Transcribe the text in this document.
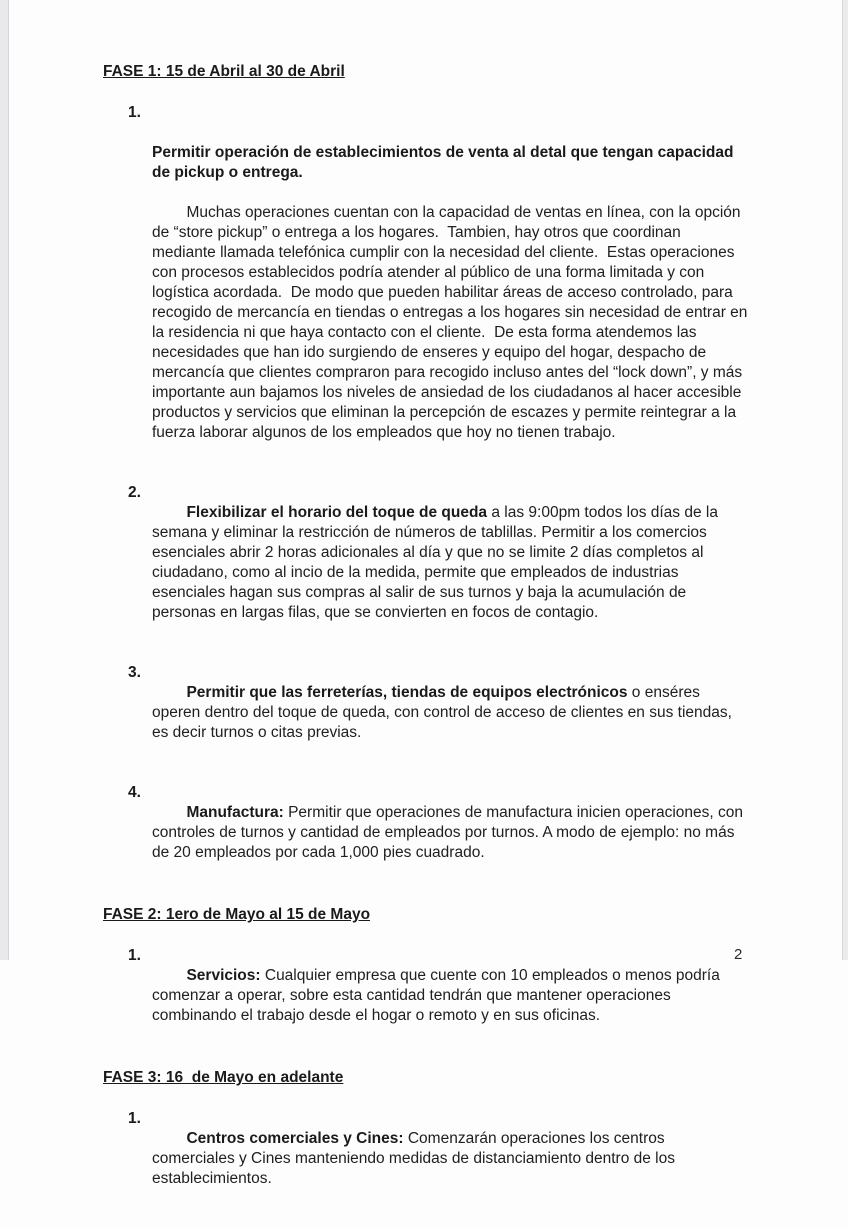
FASE 1: 15 de Abril al 30 de Abril
1.

Permitir operación de establecimientos de venta al detal que tengan capacidad de pickup o entrega.

Muchas operaciones cuentan con la capacidad de ventas en línea, con la opción de “store pickup” o entrega a los hogares.  Tambien, hay otros que coordinan mediante llamada telefónica cumplir con la necesidad del cliente.  Estas operaciones con procesos establecidos podría atender al público de una forma limitada y con logística acordada.  De modo que pueden habilitar áreas de acceso controlado, para recogido de mercancía en tiendas o entregas a los hogares sin necesidad de entrar en la residencia ni que haya contacto con el cliente.  De esta forma atendemos las necesidades que han ido surgiendo de enseres y equipo del hogar, despacho de mercancía que clientes compraron para recogido incluso antes del “lock down”, y más importante aun bajamos los niveles de ansiedad de los ciudadanos al hacer accesible productos y servicios que eliminan la percepción de escazes y permite reintegrar a la fuerza laborar algunos de los empleados que hoy no tienen trabajo.

2.

Flexibilizar el horario del toque de queda a las 9:00pm todos los días de la semana y eliminar la restricción de números de tablillas. Permitir a los comercios esenciales abrir 2 horas adicionales al día y que no se limite 2 días completos al ciudadano, como al incio de la medida, permite que empleados de industrias esenciales hagan sus compras al salir de sus turnos y baja la acumulación de personas en largas filas, que se convierten en focos de contagio.

3.

Permitir que las ferreterías, tiendas de equipos electrónicos o enséres operen dentro del toque de queda, con control de acceso de clientes en sus tiendas, es decir turnos o citas previas.

4.

Manufactura: Permitir que operaciones de manufactura inicien operaciones, con controles de turnos y cantidad de empleados por turnos. A modo de ejemplo: no más de 20 empleados por cada 1,000 pies cuadrado.

FASE 2: 1ero de Mayo al 15 de Mayo
1.

Servicios: Cualquier empresa que cuente con 10 empleados o menos podría comenzar a operar, sobre esta cantidad tendrán que mantener operaciones combinando el trabajo desde el hogar o remoto y en sus oficinas.

FASE 3: 16  de Mayo en adelante
1.

Centros comerciales y Cines: Comenzarán operaciones los centros comerciales y Cines manteniendo medidas de distanciamiento dentro de los establecimientos.

2
